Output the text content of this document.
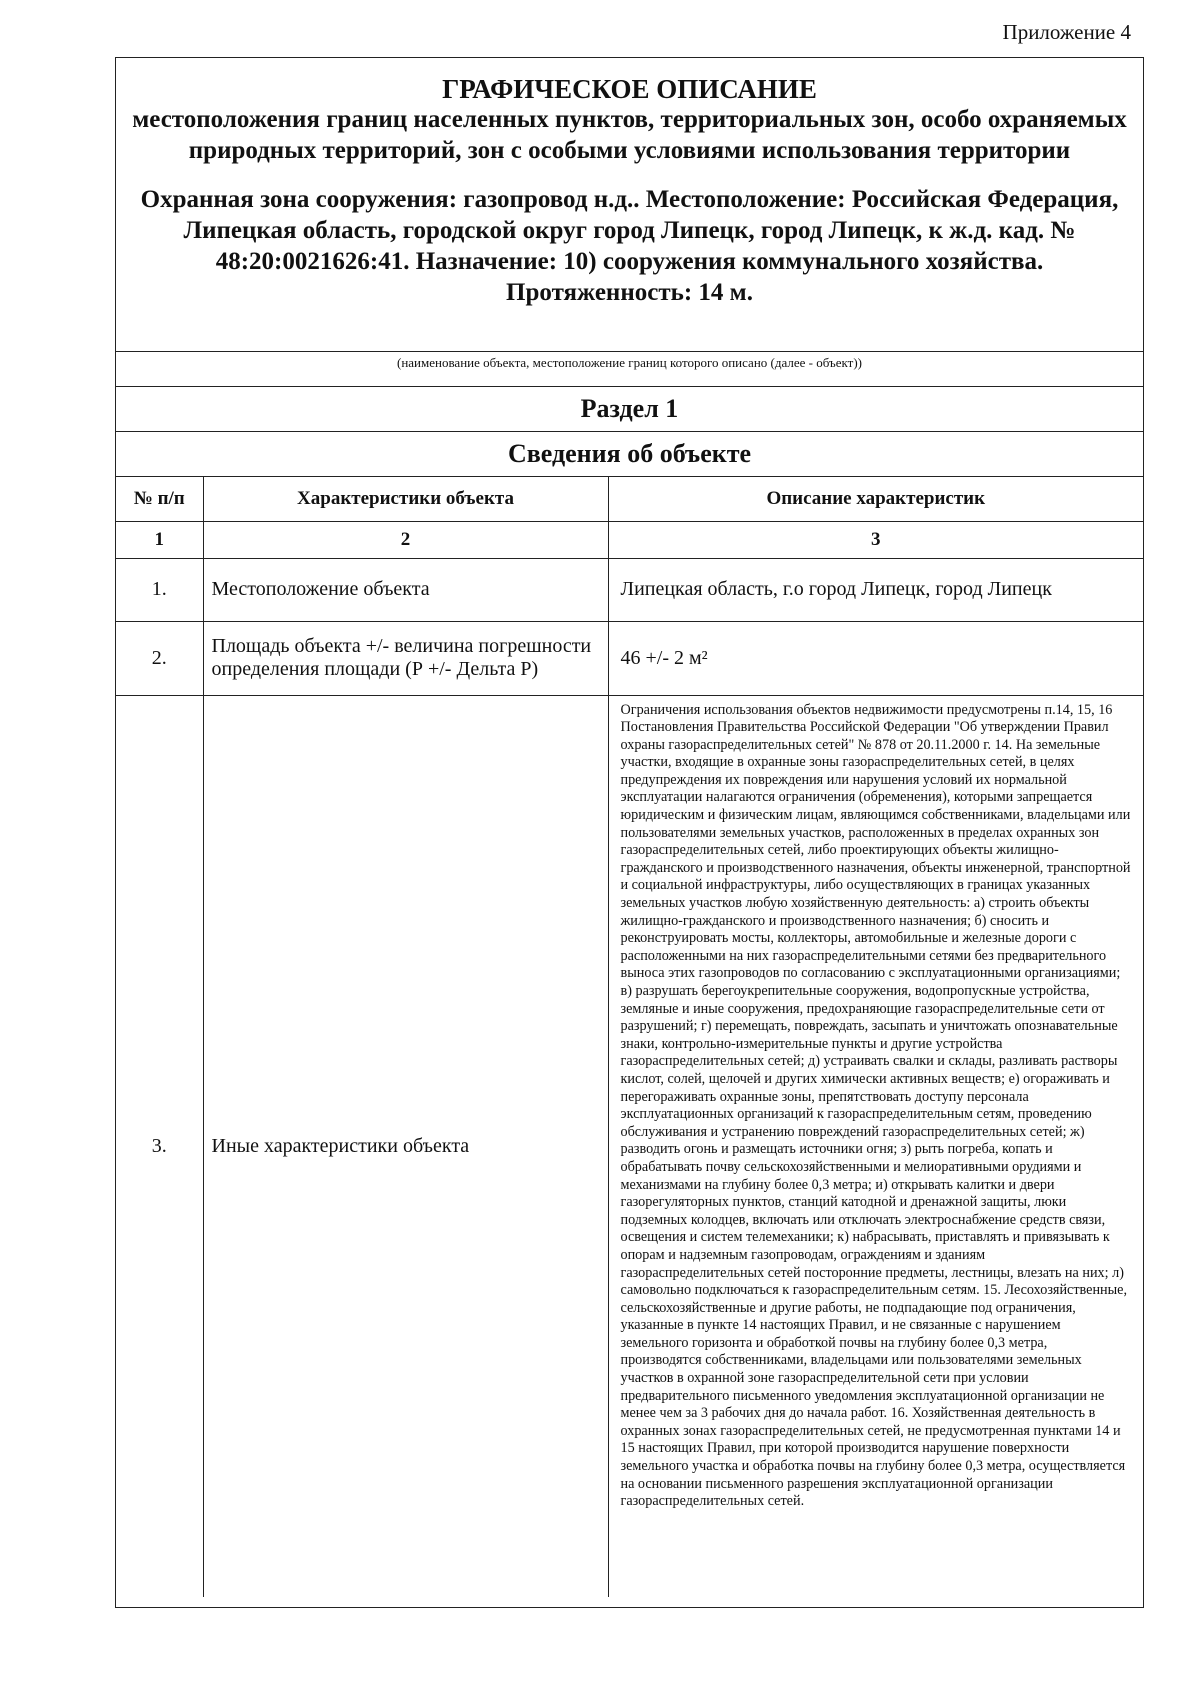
Приложение 4
ГРАФИЧЕСКОЕ ОПИСАНИЕ
местоположения границ населенных пунктов, территориальных зон, особо охраняемых природных территорий, зон с особыми условиями использования территории
Охранная зона сооружения: газопровод н.д.. Местоположение: Российская Федерация, Липецкая область, городской округ город Липецк, город Липецк, к ж.д. кад. № 48:20:0021626:41. Назначение: 10) сооружения коммунального хозяйства. Протяженность: 14 м.
(наименование объекта, местоположение границ которого описано (далее - объект))
Раздел 1
Сведения об объекте
№ п/п	Характеристики объекта	Описание характеристик
1	2	3
1.	Местоположение объекта	Липецкая область, г.о город Липецк, город Липецк
2.	Площадь объекта +/- величина погрешности определения площади (Р +/- Дельта Р)	46 +/- 2 м²
3.	Иные характеристики объекта	Ограничения использования объектов недвижимости предусмотрены п.14, 15, 16 Постановления Правительства Российской Федерации "Об утверждении Правил охраны газораспределительных сетей" № 878 от 20.11.2000 г. 14. На земельные участки, входящие в охранные зоны газораспределительных сетей, в целях предупреждения их повреждения или нарушения условий их нормальной эксплуатации налагаются ограничения (обременения), которыми запрещается юридическим и физическим лицам, являющимся собственниками, владельцами или пользователями земельных участков, расположенных в пределах охранных зон газораспределительных сетей, либо проектирующих объекты жилищно-гражданского и производственного назначения, объекты инженерной, транспортной и социальной инфраструктуры, либо осуществляющих в границах указанных земельных участков любую хозяйственную деятельность: а) строить объекты жилищно-гражданского и производственного назначения; б) сносить и реконструировать мосты, коллекторы, автомобильные и железные дороги с расположенными на них газораспределительными сетями без предварительного выноса этих газопроводов по согласованию с эксплуатационными организациями; в) разрушать берегоукрепительные сооружения, водопропускные устройства, земляные и иные сооружения, предохраняющие газораспределительные сети от разрушений; г) перемещать, повреждать, засыпать и уничтожать опознавательные знаки, контрольно-измерительные пункты и другие устройства газораспределительных сетей; д) устраивать свалки и склады, разливать растворы кислот, солей, щелочей и других химически активных веществ; е) огораживать и перегораживать охранные зоны, препятствовать доступу персонала эксплуатационных организаций к газораспределительным сетям, проведению обслуживания и устранению повреждений газораспределительных сетей; ж) разводить огонь и размещать источники огня; з) рыть погреба, копать и обрабатывать почву сельскохозяйственными и мелиоративными орудиями и механизмами на глубину более 0,3 метра; и) открывать калитки и двери газорегуляторных пунктов, станций катодной и дренажной защиты, люки подземных колодцев, включать или отключать электроснабжение средств связи, освещения и систем телемеханики; к) набрасывать, приставлять и привязывать к опорам и надземным газопроводам, ограждениям и зданиям газораспределительных сетей посторонние предметы, лестницы, влезать на них; л) самовольно подключаться к газораспределительным сетям. 15. Лесохозяйственные, сельскохозяйственные и другие работы, не подпадающие под ограничения, указанные в пункте 14 настоящих Правил, и не связанные с нарушением земельного горизонта и обработкой почвы на глубину более 0,3 метра, производятся собственниками, владельцами или пользователями земельных участков в охранной зоне газораспределительной сети при условии предварительного письменного уведомления эксплуатационной организации не менее чем за 3 рабочих дня до начала работ. 16. Хозяйственная деятельность в охранных зонах газораспределительных сетей, не предусмотренная пунктами 14 и 15 настоящих Правил, при которой производится нарушение поверхности земельного участка и обработка почвы на глубину более 0,3 метра, осуществляется на основании письменного разрешения эксплуатационной организации газораспределительных сетей.
